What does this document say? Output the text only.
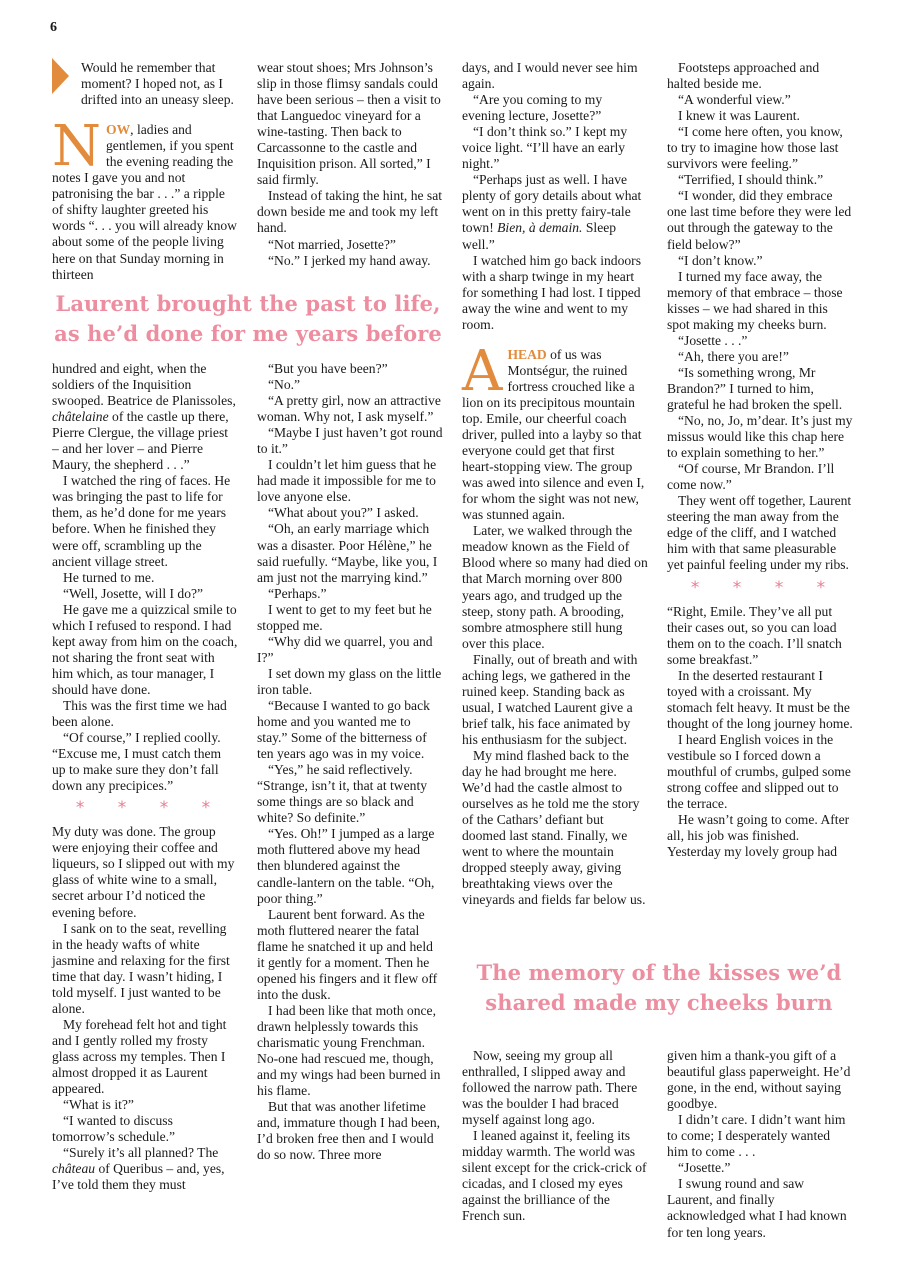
6

Would he remember that moment? I hoped not, as I drifted into an uneasy sleep.

NOW, ladies and gentlemen, if you spent the evening reading the notes I gave you and not patronising the bar . . .” a ripple of shifty laughter greeted his words “. . . you will already know about some of the people living here on that Sunday morning in thirteen

wear stout shoes; Mrs Johnson’s slip in those flimsy sandals could have been serious – then a visit to that Languedoc vineyard for a wine-tasting. Then back to Carcassonne to the castle and Inquisition prison. All sorted,” I said firmly.

Instead of taking the hint, he sat down beside me and took my left hand.

“Not married, Josette?”

“No.” I jerked my hand away.

Laurent brought the past to life, as he’d done for me years before

hundred and eight, when the soldiers of the Inquisition swooped. Beatrice de Planissoles, châtelaine of the castle up there, Pierre Clergue, the village priest – and her lover – and Pierre Maury, the shepherd . . .”

I watched the ring of faces. He was bringing the past to life for them, as he’d done for me years before. When he finished they were off, scrambling up the ancient village street.

He turned to me.

“Well, Josette, will I do?”

He gave me a quizzical smile to which I refused to respond. I had kept away from him on the coach, not sharing the front seat with him which, as tour manager, I should have done.

This was the first time we had been alone.

“Of course,” I replied coolly. “Excuse me, I must catch them up to make sure they don’t fall down any precipices.”

* * * *

My duty was done. The group were enjoying their coffee and liqueurs, so I slipped out with my glass of white wine to a small, secret arbour I’d noticed the evening before.

I sank on to the seat, revelling in the heady wafts of white jasmine and relaxing for the first time that day. I wasn’t hiding, I told myself. I just wanted to be alone.

My forehead felt hot and tight and I gently rolled my frosty glass across my temples. Then I almost dropped it as Laurent appeared.

“What is it?”

“I wanted to discuss tomorrow’s schedule.”

“Surely it’s all planned? The château of Queribus – and, yes, I’ve told them they must

“But you have been?”

“No.”

“A pretty girl, now an attractive woman. Why not, I ask myself.”

“Maybe I just haven’t got round to it.”

I couldn’t let him guess that he had made it impossible for me to love anyone else.

“What about you?” I asked.

“Oh, an early marriage which was a disaster. Poor Hélène,” he said ruefully. “Maybe, like you, I am just not the marrying kind.”

“Perhaps.”

I went to get to my feet but he stopped me.

“Why did we quarrel, you and I?”

I set down my glass on the little iron table.

“Because I wanted to go back home and you wanted me to stay.” Some of the bitterness of ten years ago was in my voice.

“Yes,” he said reflectively. “Strange, isn’t it, that at twenty some things are so black and white? So definite.”

“Yes. Oh!” I jumped as a large moth fluttered above my head then blundered against the candle-lantern on the table. “Oh, poor thing.”

Laurent bent forward. As the moth fluttered nearer the fatal flame he snatched it up and held it gently for a moment. Then he opened his fingers and it flew off into the dusk.

I had been like that moth once, drawn helplessly towards this charismatic young Frenchman. No-one had rescued me, though, and my wings had been burned in his flame.

But that was another lifetime and, immature though I had been, I’d broken free then and I would do so now. Three more

days, and I would never see him again.

“Are you coming to my evening lecture, Josette?”

“I don’t think so.” I kept my voice light. “I’ll have an early night.”

“Perhaps just as well. I have plenty of gory details about what went on in this pretty fairy-tale town! Bien, à demain. Sleep well.”

I watched him go back indoors with a sharp twinge in my heart for something I had lost. I tipped away the wine and went to my room.

AHEAD of us was Montségur, the ruined fortress crouched like a lion on its precipitous mountain top. Emile, our cheerful coach driver, pulled into a layby so that everyone could get that first heart-stopping view. The group was awed into silence and even I, for whom the sight was not new, was stunned again.

Later, we walked through the meadow known as the Field of Blood where so many had died on that March morning over 800 years ago, and trudged up the steep, stony path. A brooding, sombre atmosphere still hung over this place.

Finally, out of breath and with aching legs, we gathered in the ruined keep. Standing back as usual, I watched Laurent give a brief talk, his face animated by his enthusiasm for the subject.

My mind flashed back to the day he had brought me here. We’d had the castle almost to ourselves as he told me the story of the Cathars’ defiant but doomed last stand. Finally, we went to where the mountain dropped steeply away, giving breathtaking views over the vineyards and fields far below us.

Footsteps approached and halted beside me.

“A wonderful view.”

I knew it was Laurent.

“I come here often, you know, to try to imagine how those last survivors were feeling.”

“Terrified, I should think.”

“I wonder, did they embrace one last time before they were led out through the gateway to the field below?”

“I don’t know.”

I turned my face away, the memory of that embrace – those kisses – we had shared in this spot making my cheeks burn.

“Josette . . .”

“Ah, there you are!”

“Is something wrong, Mr Brandon?” I turned to him, grateful he had broken the spell.

“No, no, Jo, m’dear. It’s just my missus would like this chap here to explain something to her.”

“Of course, Mr Brandon. I’ll come now.”

They went off together, Laurent steering the man away from the edge of the cliff, and I watched him with that same pleasurable yet painful feeling under my ribs.

* * * *

“Right, Emile. They’ve all put their cases out, so you can load them on to the coach. I’ll snatch some breakfast.”

In the deserted restaurant I toyed with a croissant. My stomach felt heavy. It must be the thought of the long journey home.

I heard English voices in the vestibule so I forced down a mouthful of crumbs, gulped some strong coffee and slipped out to the terrace.

He wasn’t going to come. After all, his job was finished. Yesterday my lovely group had

The memory of the kisses we’d shared made my cheeks burn

Now, seeing my group all enthralled, I slipped away and followed the narrow path. There was the boulder I had braced myself against long ago.

I leaned against it, feeling its midday warmth. The world was silent except for the crick-crick of cicadas, and I closed my eyes against the brilliance of the French sun.

given him a thank-you gift of a beautiful glass paperweight. He’d gone, in the end, without saying goodbye.

I didn’t care. I didn’t want him to come; I desperately wanted him to come . . .

“Josette.”

I swung round and saw Laurent, and finally acknowledged what I had known for ten long years.
